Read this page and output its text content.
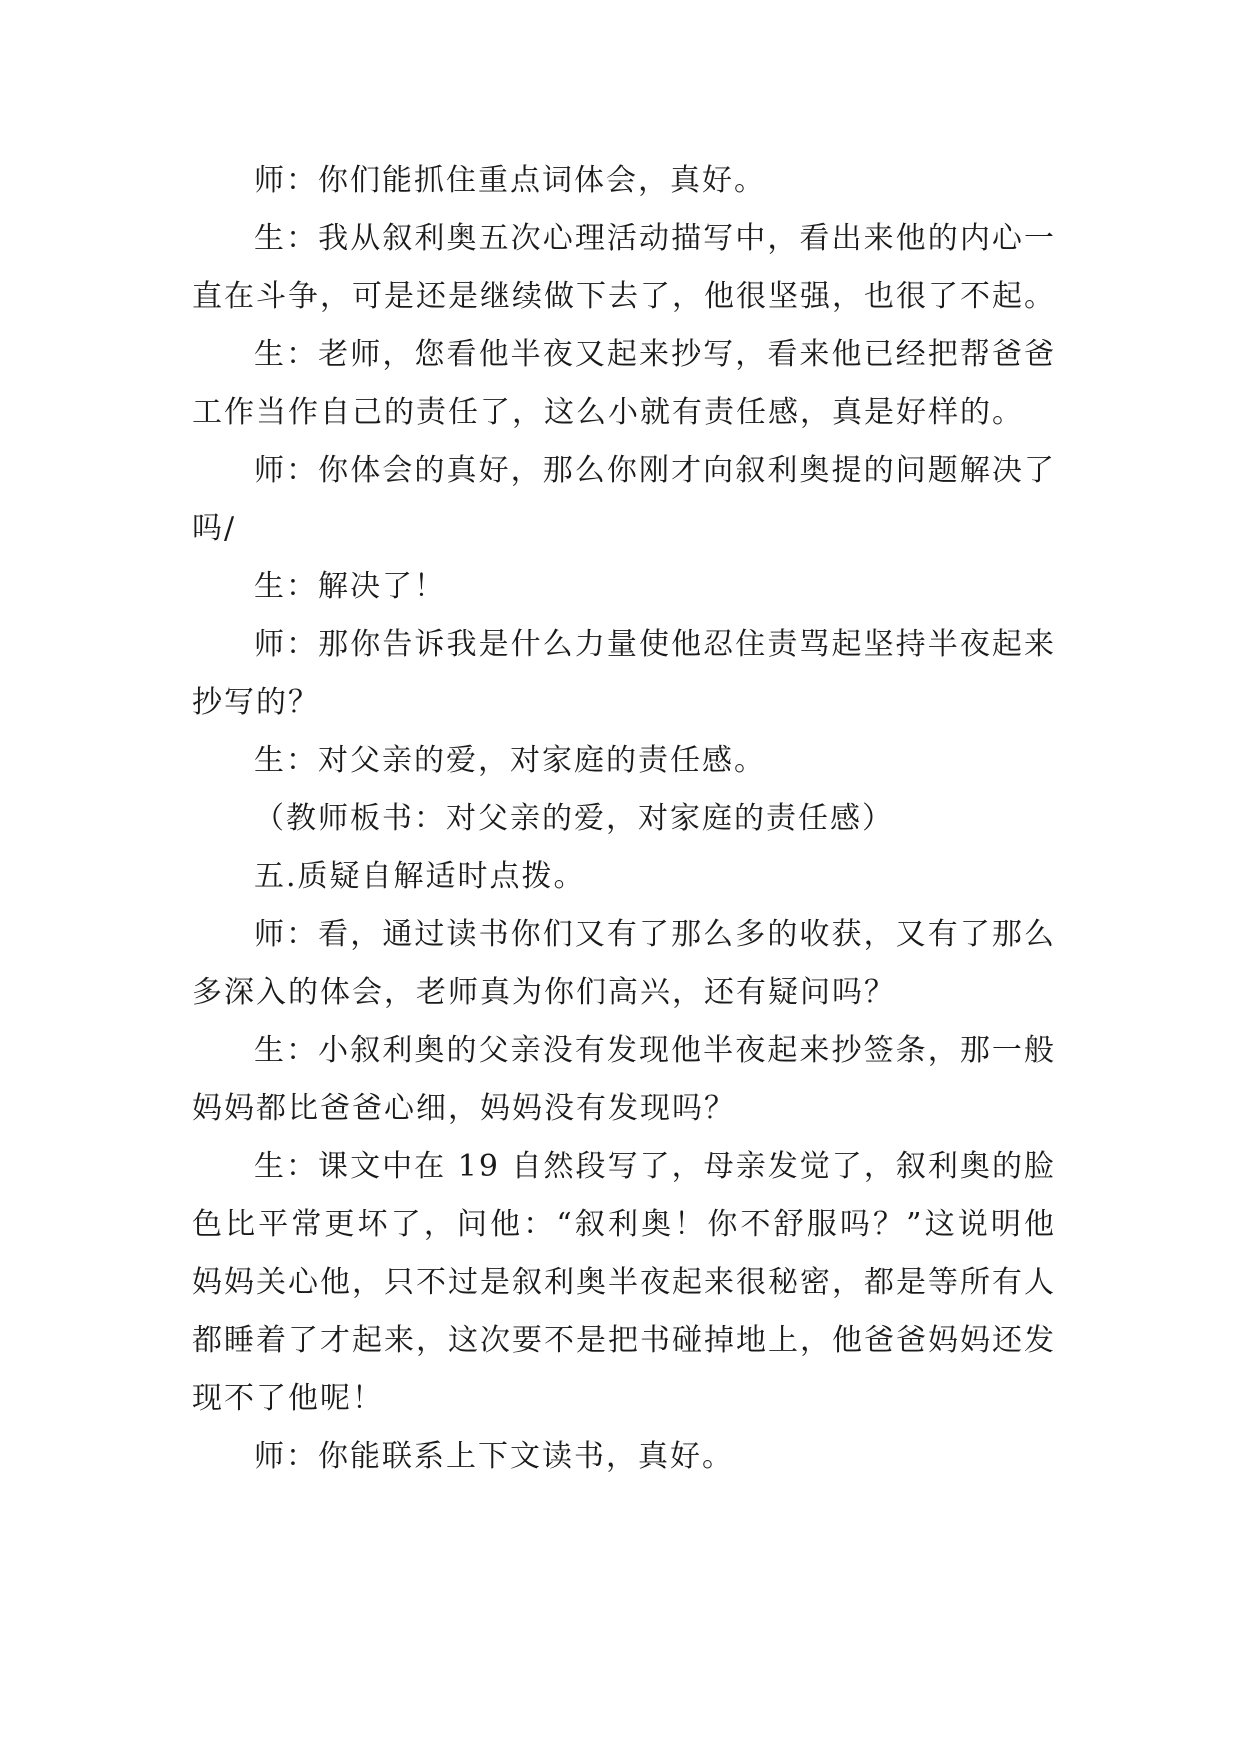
师：你们能抓住重点词体会，真好。

生：我从叙利奥五次心理活动描写中，看出来他的内心一直在斗争，可是还是继续做下去了，他很坚强，也很了不起。

生：老师，您看他半夜又起来抄写，看来他已经把帮爸爸工作当作自己的责任了，这么小就有责任感，真是好样的。

师：你体会的真好，那么你刚才向叙利奥提的问题解决了吗/

生：解决了！

师：那你告诉我是什么力量使他忍住责骂起坚持半夜起来抄写的？

生：对父亲的爱，对家庭的责任感。

（教师板书：对父亲的爱，对家庭的责任感）

五.质疑自解适时点拨。

师：看，通过读书你们又有了那么多的收获，又有了那么多深入的体会，老师真为你们高兴，还有疑问吗？

生：小叙利奥的父亲没有发现他半夜起来抄签条，那一般妈妈都比爸爸心细，妈妈没有发现吗？

生：课文中在 19 自然段写了，母亲发觉了，叙利奥的脸色比平常更坏了，问他：“叙利奥！你不舒服吗？”这说明他妈妈关心他，只不过是叙利奥半夜起来很秘密，都是等所有人都睡着了才起来，这次要不是把书碰掉地上，他爸爸妈妈还发现不了他呢！

师：你能联系上下文读书，真好。
